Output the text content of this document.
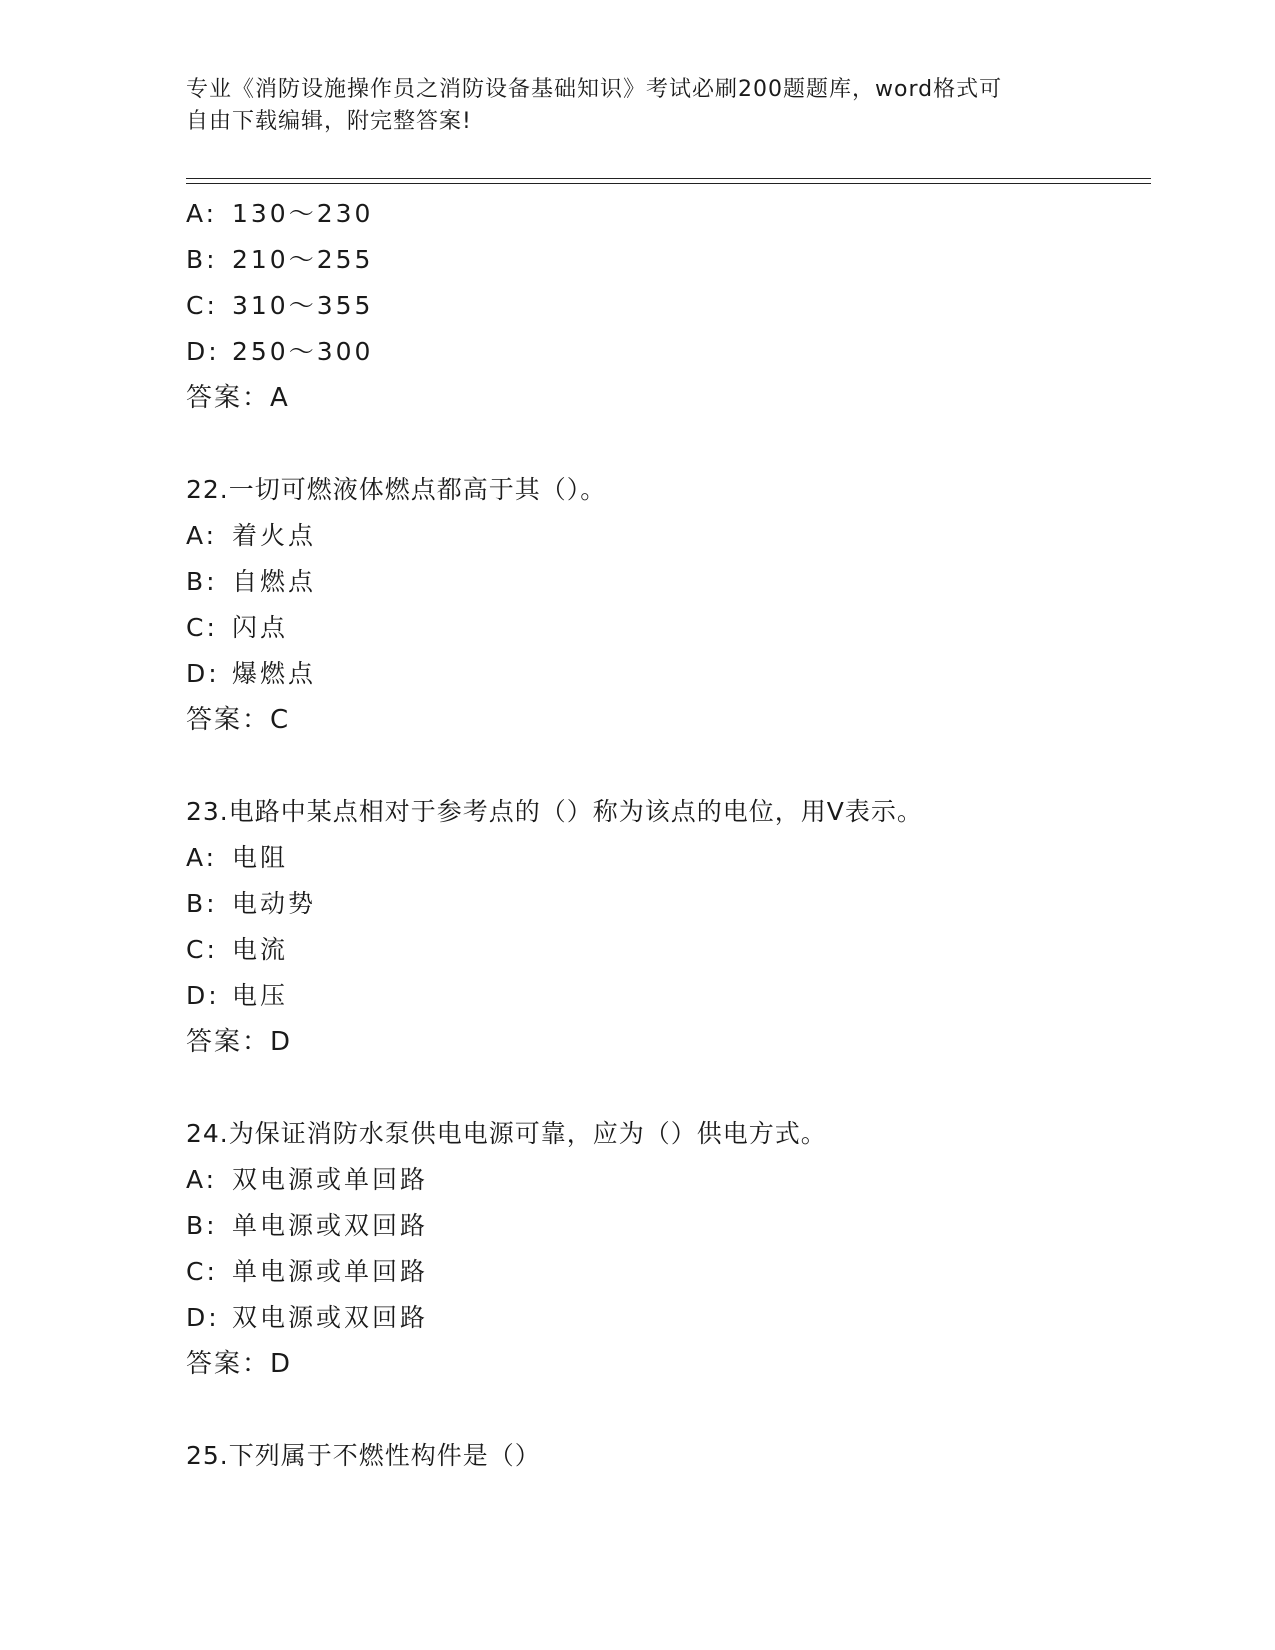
专业《消防设施操作员之消防设备基础知识》考试必刷200题题库，word格式可
自由下载编辑，附完整答案!
A: 130～230
B: 210～255
C: 310～355
D: 250～300
答案：A
22.一切可燃液体燃点都高于其（）。
A: 着火点
B: 自燃点
C: 闪点
D: 爆燃点
答案：C
23.电路中某点相对于参考点的（）称为该点的电位，用V表示。
A: 电阻
B: 电动势
C: 电流
D: 电压
答案：D
24.为保证消防水泵供电电源可靠，应为（）供电方式。
A: 双电源或单回路
B: 单电源或双回路
C: 单电源或单回路
D: 双电源或双回路
答案：D
25.下列属于不燃性构件是（）
